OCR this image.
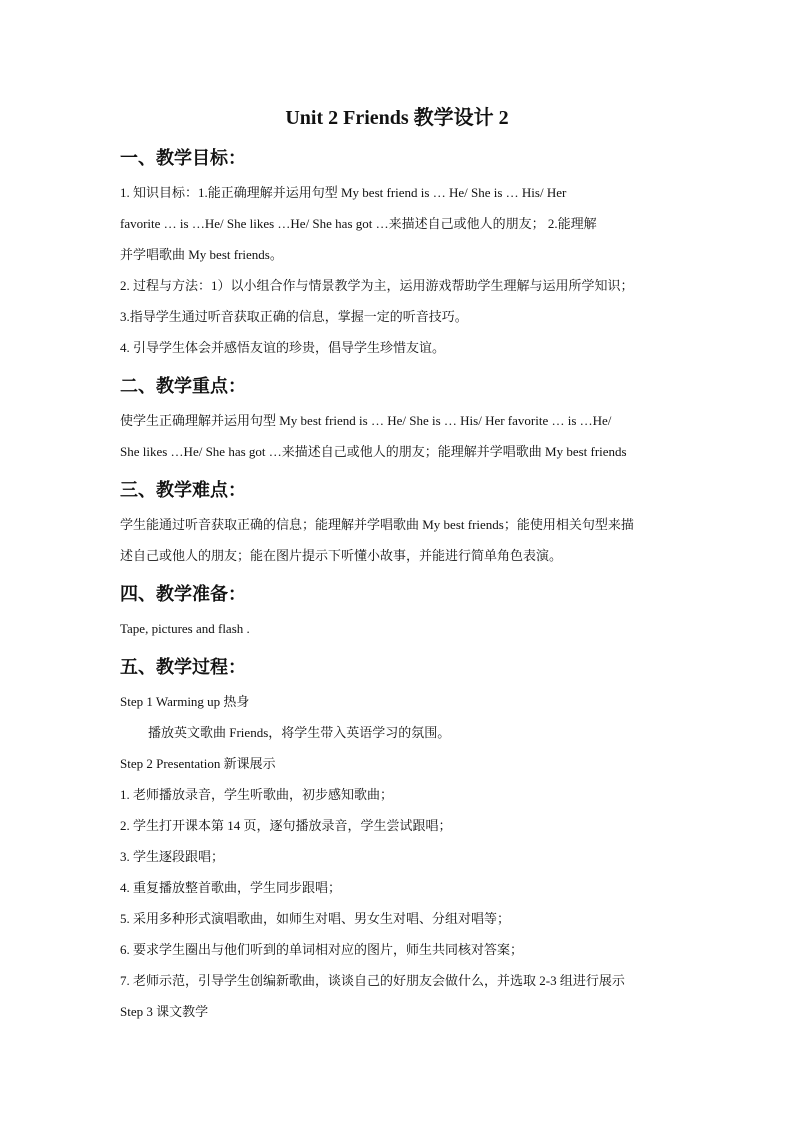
Unit 2 Friends 教学设计 2
一、教学目标：
1. 知识目标：1.能正确理解并运用句型 My best friend is … He/ She is … His/ Her
favorite … is …He/ She likes …He/ She has got …来描述自己或他人的朋友； 2.能理解
并学唱歌曲 My best friends。
2. 过程与方法：1）以小组合作与情景教学为主，运用游戏帮助学生理解与运用所学知识；
3.指导学生通过听音获取正确的信息，掌握一定的听音技巧。
4. 引导学生体会并感悟友谊的珍贵，倡导学生珍惜友谊。
二、教学重点：
使学生正确理解并运用句型 My best friend is … He/ She is … His/ Her favorite … is …He/
She likes …He/ She has got …来描述自己或他人的朋友；能理解并学唱歌曲 My best friends
三、教学难点：
学生能通过听音获取正确的信息；能理解并学唱歌曲 My best friends；能使用相关句型来描
述自己或他人的朋友；能在图片提示下听懂小故事，并能进行简单角色表演。
四、教学准备：
Tape, pictures and flash .
五、教学过程：
Step 1 Warming up 热身
播放英文歌曲 Friends，将学生带入英语学习的氛围。
Step 2 Presentation 新课展示
1. 老师播放录音，学生听歌曲，初步感知歌曲；
2. 学生打开课本第 14 页，逐句播放录音，学生尝试跟唱；
3. 学生逐段跟唱；
4. 重复播放整首歌曲，学生同步跟唱；
5. 采用多种形式演唱歌曲，如师生对唱、男女生对唱、分组对唱等；
6. 要求学生圈出与他们听到的单词相对应的图片，师生共同核对答案；
7. 老师示范，引导学生创编新歌曲，谈谈自己的好朋友会做什么，并选取 2-3 组进行展示
Step 3 课文教学
